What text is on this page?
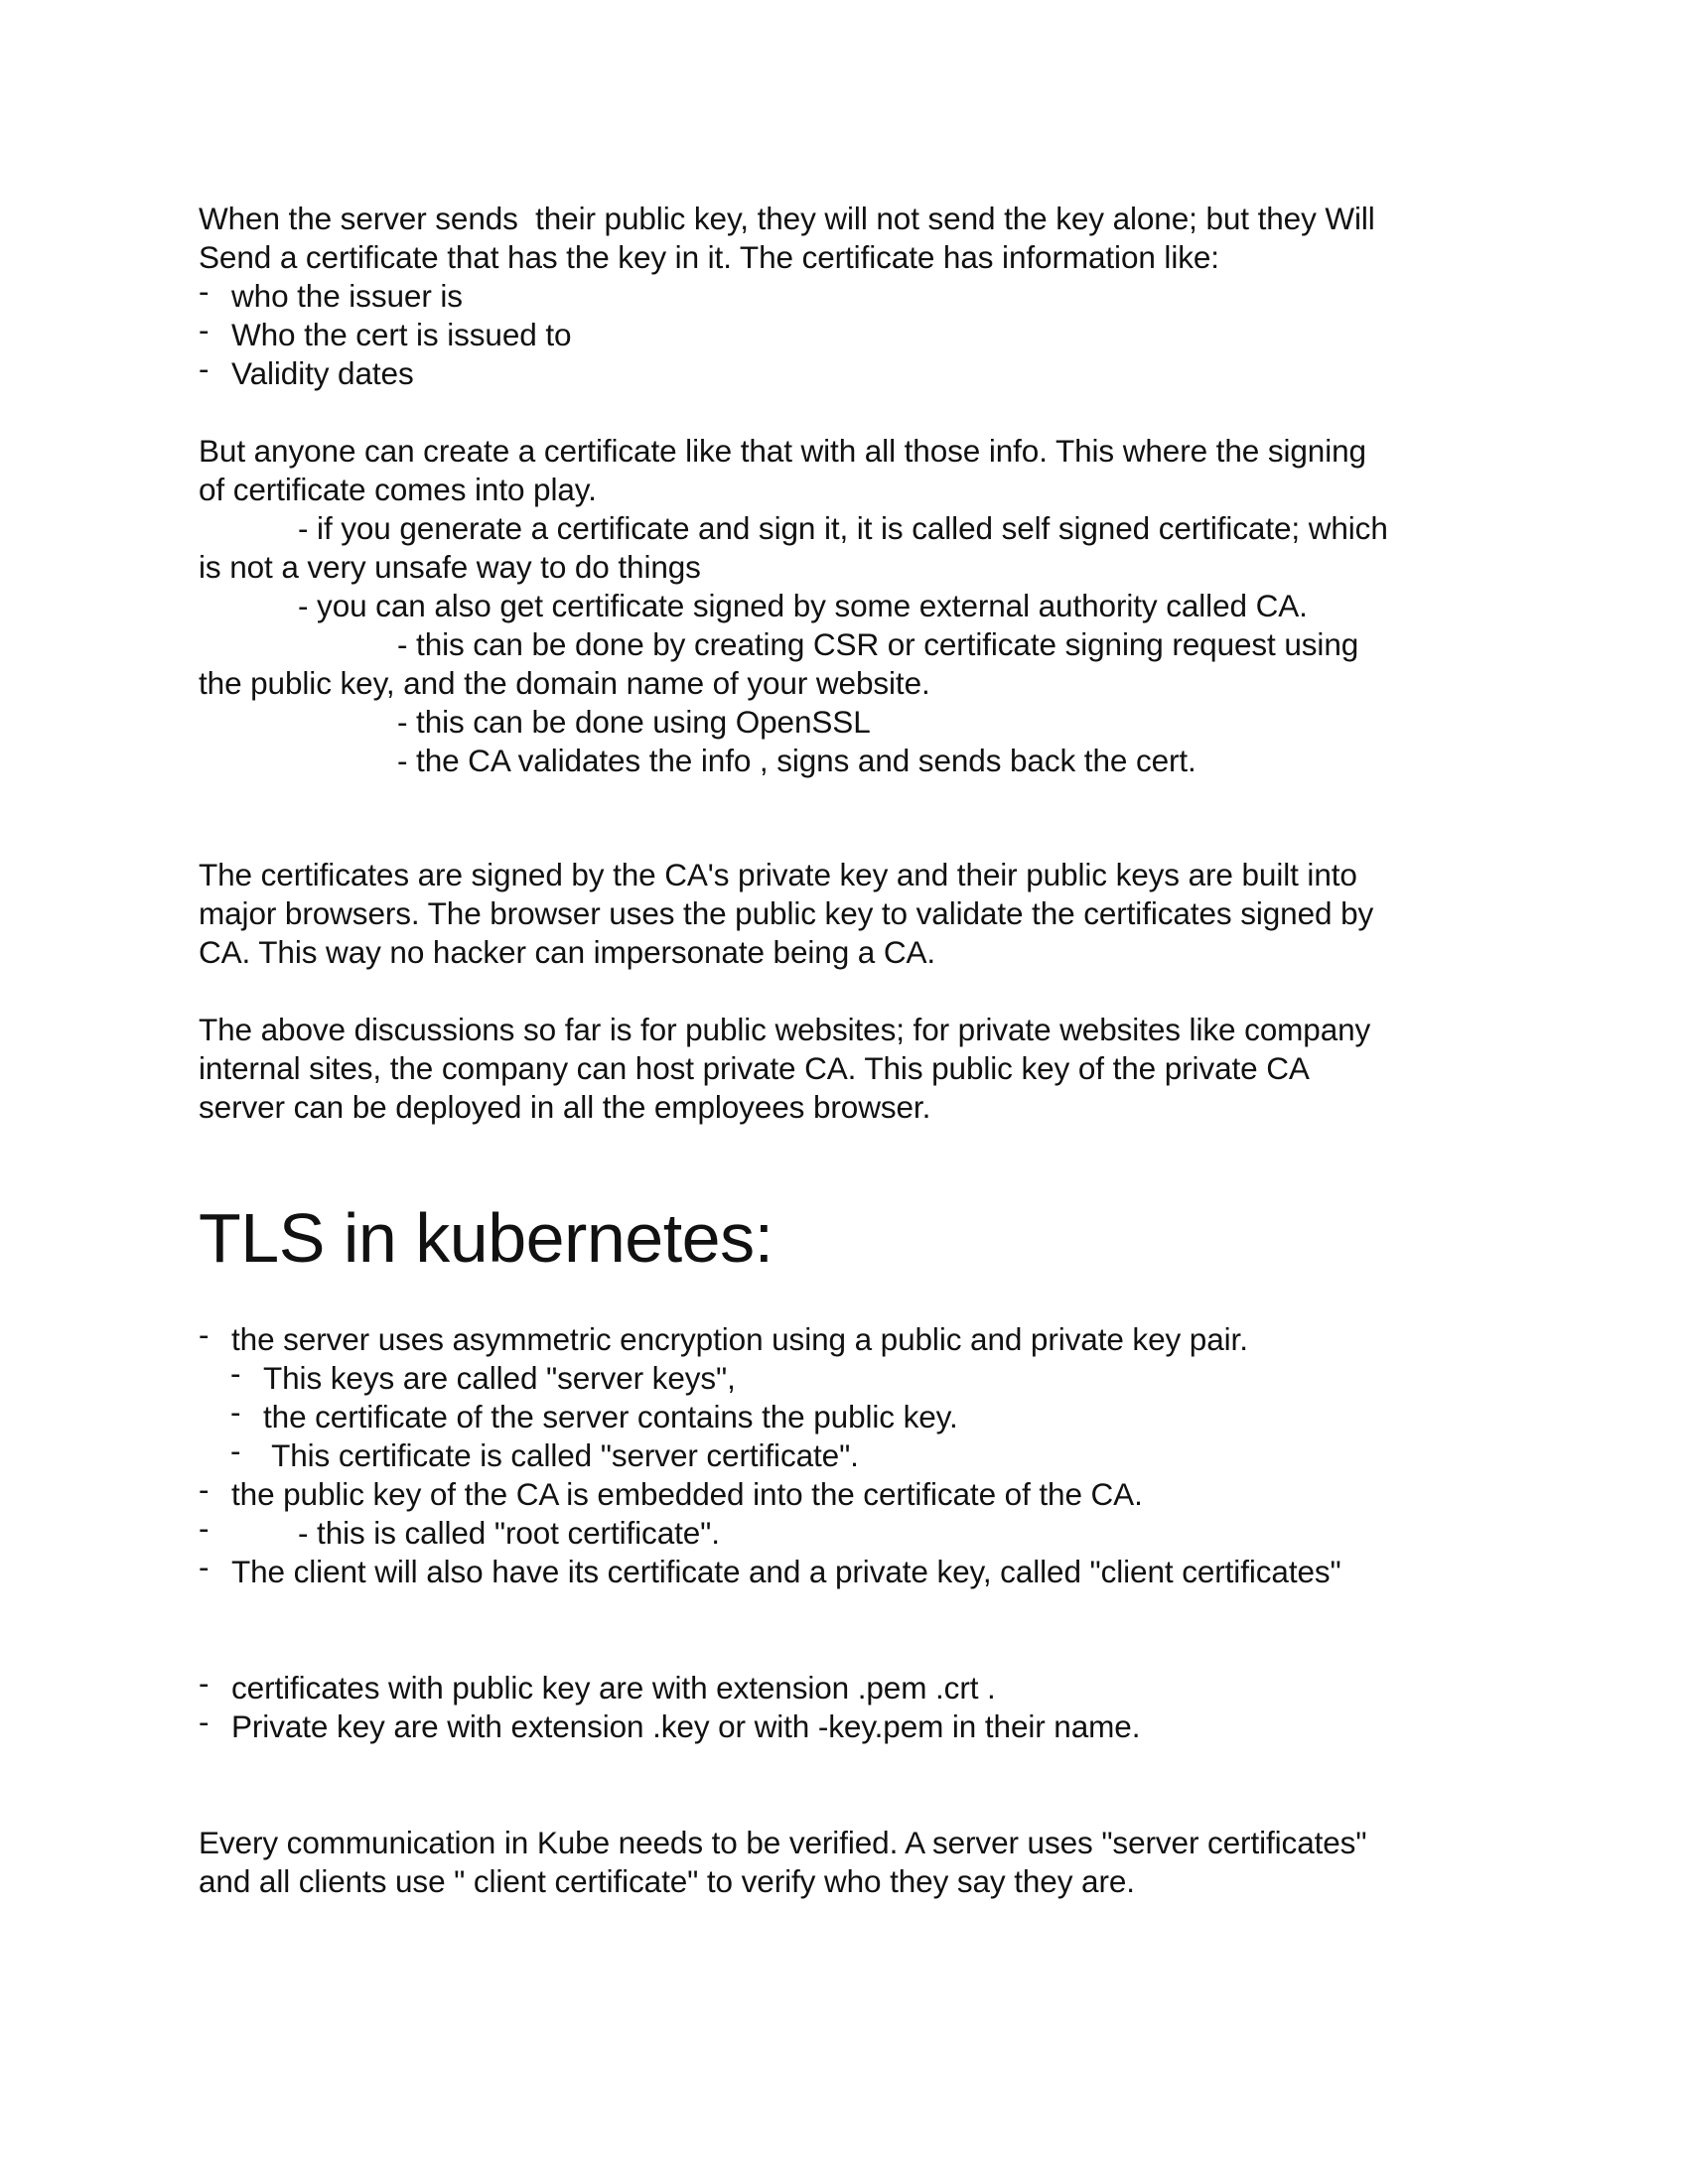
When the server sends  their public key, they will not send the key alone; but they Will
Send a certificate that has the key in it. The certificate has information like:
- who the issuer is
- Who the cert is issued to
- Validity dates
But anyone can create a certificate like that with all those info. This where the signing
of certificate comes into play.
- if you generate a certificate and sign it, it is called self signed certificate; which
is not a very unsafe way to do things
- you can also get certificate signed by some external authority called CA.
- this can be done by creating CSR or certificate signing request using
the public key, and the domain name of your website.
- this can be done using OpenSSL
- the CA validates the info , signs and sends back the cert.
The certificates are signed by the CA's private key and their public keys are built into
major browsers. The browser uses the public key to validate the certificates signed by
CA. This way no hacker can impersonate being a CA.
The above discussions so far is for public websites; for private websites like company
internal sites, the company can host private CA. This public key of the private CA
server can be deployed in all the employees browser.
TLS in kubernetes:
- the server uses asymmetric encryption using a public and private key pair.
- This keys are called "server keys",
- the certificate of the server contains the public key.
- This certificate is called "server certificate".
- the public key of the CA is embedded into the certificate of the CA.
-	- this is called "root certificate".
- The client will also have its certificate and a private key, called "client certificates"
- certificates with public key are with extension .pem .crt .
- Private key are with extension .key or with -key.pem in their name.
Every communication in Kube needs to be verified. A server uses "server certificates"
and all clients use " client certificate" to verify who they say they are.
